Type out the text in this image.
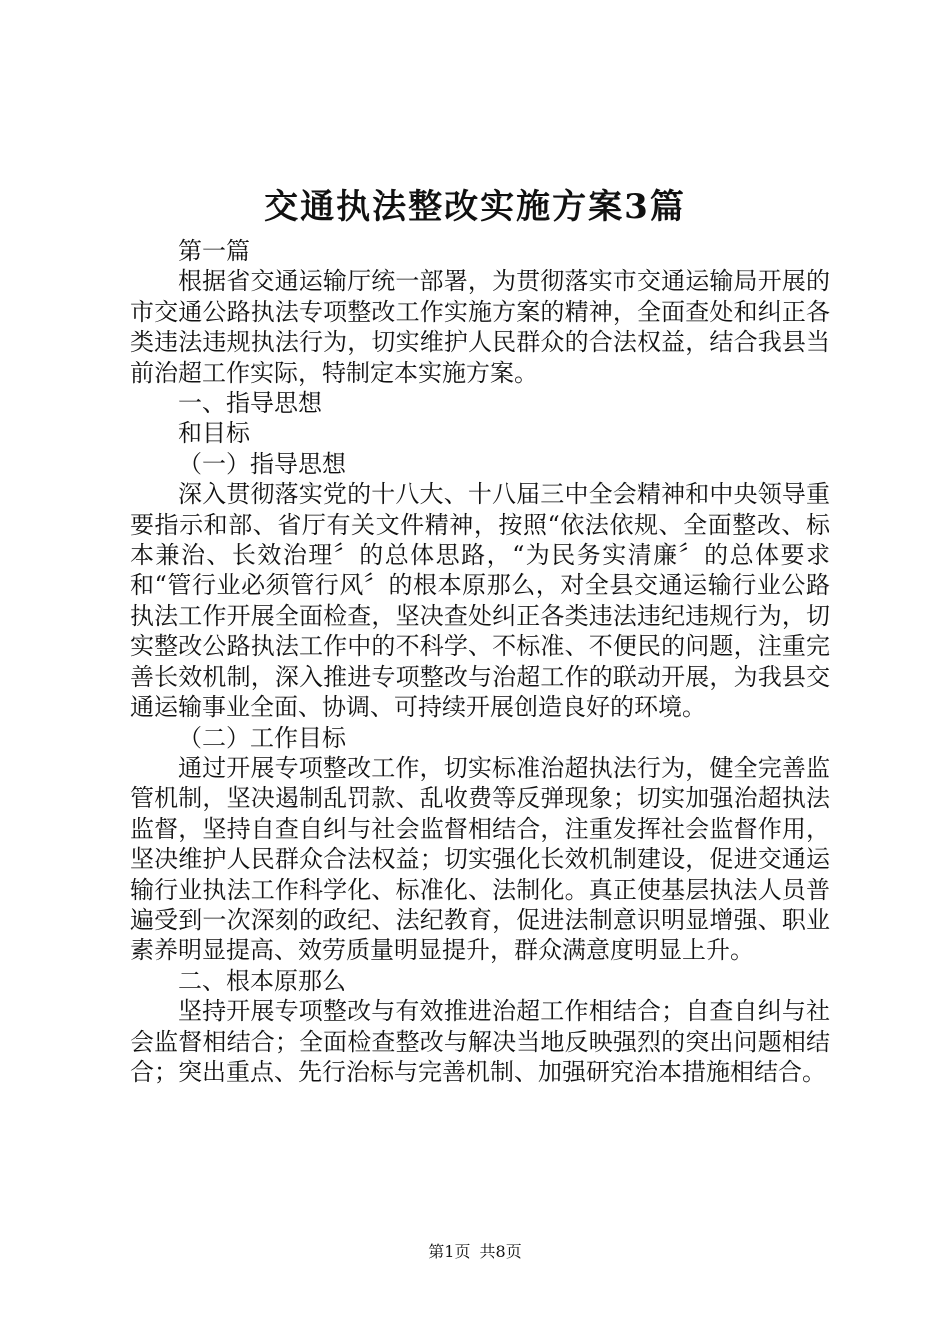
交通执法整改实施方案3篇

第一篇

根据省交通运输厅统一部署，为贯彻落实市交通运输局开展的市交通公路执法专项整改工作实施方案的精神，全面查处和纠正各类违法违规执法行为，切实维护人民群众的合法权益，结合我县当前治超工作实际，特制定本实施方案。

一、指导思想

和目标

（一）指导思想

深入贯彻落实党的十八大、十八届三中全会精神和中央领导重要指示和部、省厅有关文件精神，按照“依法依规、全面整改、标本兼治、长效治理〞的总体思路，“为民务实清廉〞的总体要求和“管行业必须管行风〞的根本原那么，对全县交通运输行业公路执法工作开展全面检查，坚决查处纠正各类违法违纪违规行为，切实整改公路执法工作中的不科学、不标准、不便民的问题，注重完善长效机制，深入推进专项整改与治超工作的联动开展，为我县交通运输事业全面、协调、可持续开展创造良好的环境。

（二）工作目标

通过开展专项整改工作，切实标准治超执法行为，健全完善监管机制，坚决遏制乱罚款、乱收费等反弹现象；切实加强治超执法监督，坚持自查自纠与社会监督相结合，注重发挥社会监督作用，坚决维护人民群众合法权益；切实强化长效机制建设，促进交通运输行业执法工作科学化、标准化、法制化。真正使基层执法人员普遍受到一次深刻的政纪、法纪教育，促进法制意识明显增强、职业素养明显提高、效劳质量明显提升，群众满意度明显上升。

二、根本原那么

坚持开展专项整改与有效推进治超工作相结合；自查自纠与社会监督相结合；全面检查整改与解决当地反映强烈的突出问题相结合；突出重点、先行治标与完善机制、加强研究治本措施相结合。

第1页 共8页
